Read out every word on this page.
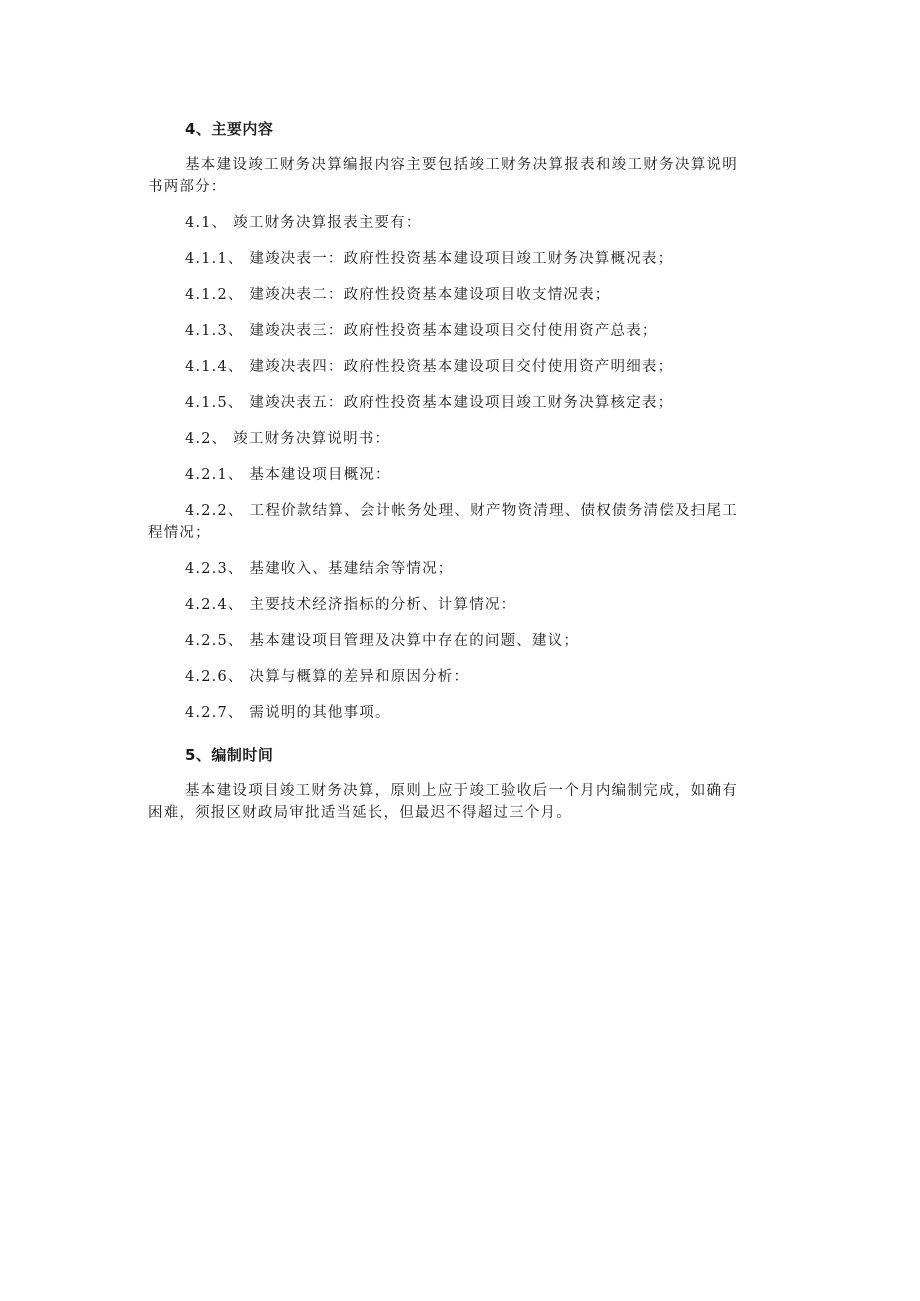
4、主要内容
基本建设竣工财务决算编报内容主要包括竣工财务决算报表和竣工财务决算说明书两部分：
4.1、 竣工财务决算报表主要有：
4.1.1、 建竣决表一：政府性投资基本建设项目竣工财务决算概况表；
4.1.2、 建竣决表二：政府性投资基本建设项目收支情况表；
4.1.3、 建竣决表三：政府性投资基本建设项目交付使用资产总表；
4.1.4、 建竣决表四：政府性投资基本建设项目交付使用资产明细表；
4.1.5、 建竣决表五：政府性投资基本建设项目竣工财务决算核定表；
4.2、 竣工财务决算说明书：
4.2.1、 基本建设项目概况：
4.2.2、 工程价款结算、会计帐务处理、财产物资清理、债权债务清偿及扫尾工程情况；
4.2.3、 基建收入、基建结余等情况；
4.2.4、 主要技术经济指标的分析、计算情况：
4.2.5、 基本建设项目管理及决算中存在的问题、建议；
4.2.6、 决算与概算的差异和原因分析：
4.2.7、 需说明的其他事项。
5、编制时间
基本建设项目竣工财务决算，原则上应于竣工验收后一个月内编制完成，如确有困难，须报区财政局审批适当延长，但最迟不得超过三个月。
